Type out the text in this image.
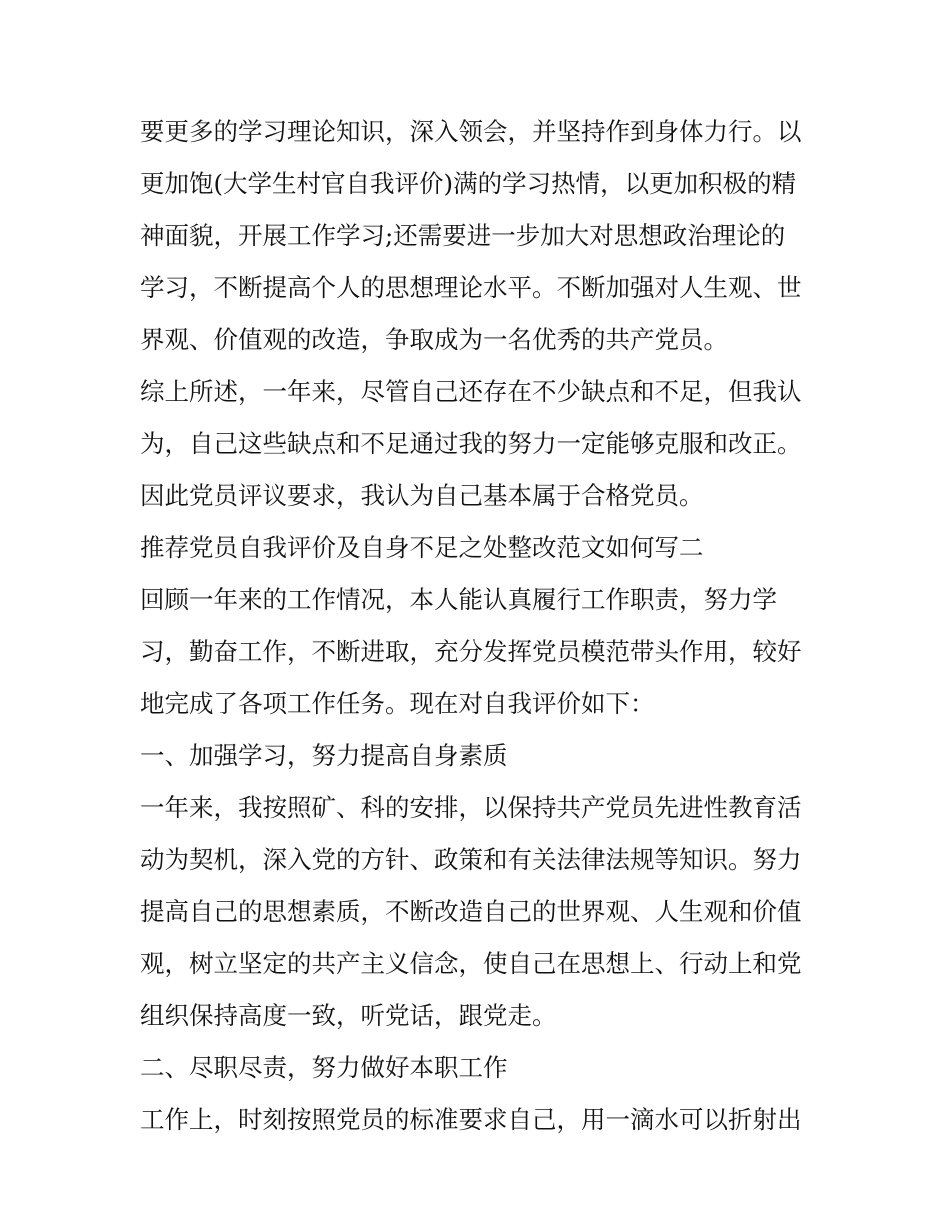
要更多的学习理论知识，深入领会，并坚持作到身体力行。以
更加饱(大学生村官自我评价)满的学习热情，以更加积极的精
神面貌，开展工作学习;还需要进一步加大对思想政治理论的
学习，不断提高个人的思想理论水平。不断加强对人生观、世
界观、价值观的改造，争取成为一名优秀的共产党员。
综上所述，一年来，尽管自己还存在不少缺点和不足，但我认
为，自己这些缺点和不足通过我的努力一定能够克服和改正。
因此党员评议要求，我认为自己基本属于合格党员。
推荐党员自我评价及自身不足之处整改范文如何写二
回顾一年来的工作情况，本人能认真履行工作职责，努力学
习，勤奋工作，不断进取，充分发挥党员模范带头作用，较好
地完成了各项工作任务。现在对自我评价如下：
一、加强学习，努力提高自身素质
一年来，我按照矿、科的安排，以保持共产党员先进性教育活
动为契机，深入党的方针、政策和有关法律法规等知识。努力
提高自己的思想素质，不断改造自己的世界观、人生观和价值
观，树立坚定的共产主义信念，使自己在思想上、行动上和党
组织保持高度一致，听党话，跟党走。
二、尽职尽责，努力做好本职工作
工作上，时刻按照党员的标准要求自己，用一滴水可以折射出
